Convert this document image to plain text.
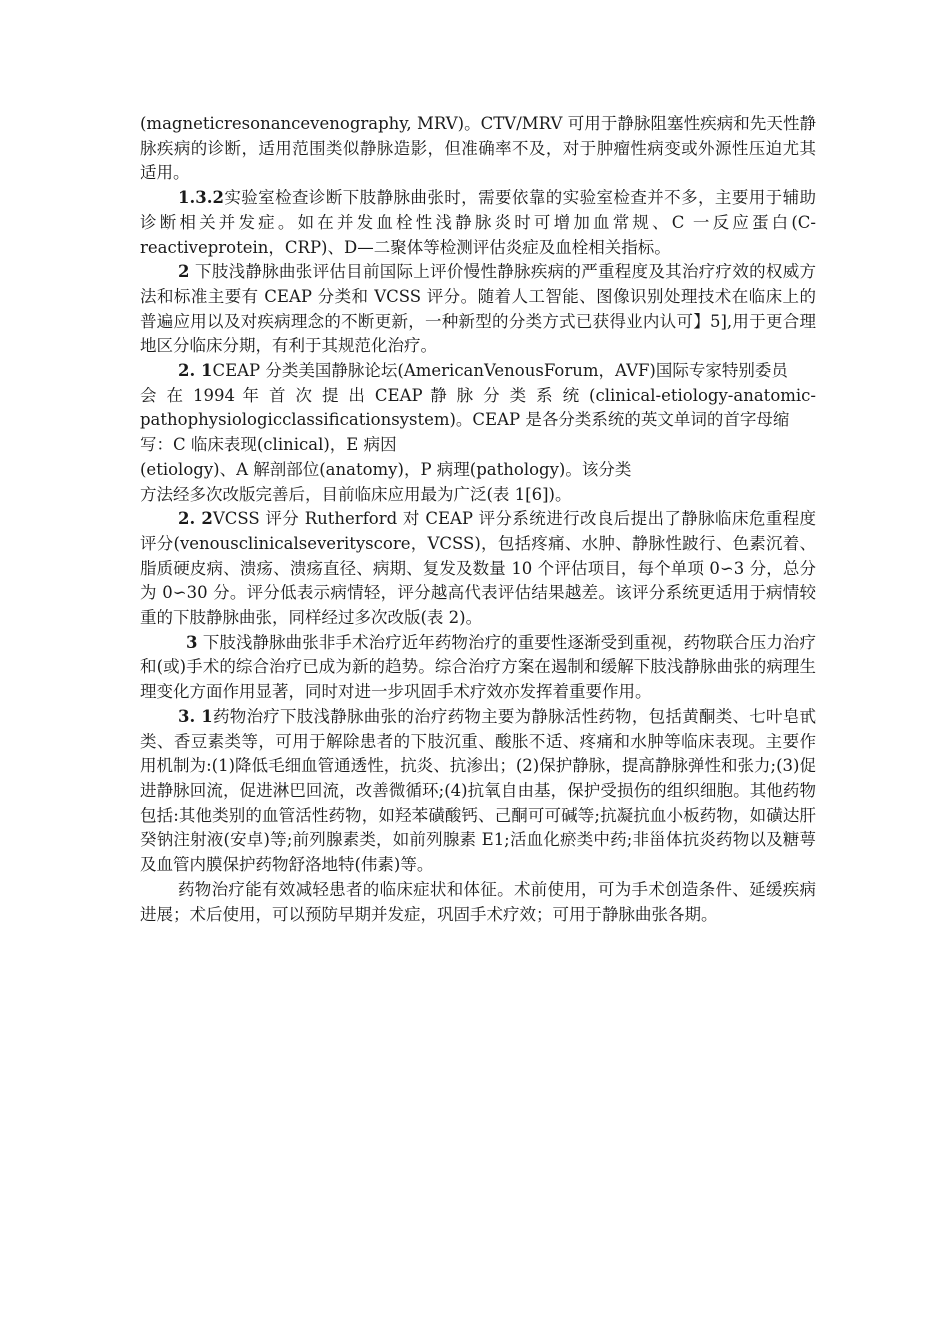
(magneticresonancevenography, MRV)。CTV/MRV 可用于静脉阻塞性疾病和先天性静脉疾病的诊断，适用范围类似静脉造影，但准确率不及，对于肿瘤性病变或外源性压迫尤其适用。

1.3.2实验室检查诊断下肢静脉曲张时，需要依靠的实验室检查并不多，主要用于辅助诊断相关并发症。如在并发血栓性浅静脉炎时可增加血常规、C 一反应蛋白(C-reactiveprotein，CRP)、D—二聚体等检测评估炎症及血栓相关指标。

2 下肢浅静脉曲张评估目前国际上评价慢性静脉疾病的严重程度及其治疗疗效的权威方法和标准主要有 CEAP 分类和 VCSS 评分。随着人工智能、图像识别处理技术在临床上的普遍应用以及对疾病理念的不断更新，一种新型的分类方式已获得业内认可】5],用于更合理地区分临床分期，有利于其规范化治疗。

2. 1CEAP 分类美国静脉论坛(AmericanVenousForum，AVF)国际专家特别委员
会 在 1994 年 首 次 提 出 CEAP 静 脉 分 类 系 统 (clinical-etiology-anatomic-
pathophysiologicclassificationsystem)。CEAP 是各分类系统的英文单词的首字母缩
写：C 临床表现(clinical)，E 病因
(etiology)、A 解剖部位(anatomy)，P 病理(pathology)。该分类
方法经多次改版完善后，目前临床应用最为广泛(表 1[6])。

2. 2VCSS 评分 Rutherford 对 CEAP 评分系统进行改良后提出了静脉临床危重程度评分(venousclinicalseverityscore，VCSS)，包括疼痛、水肿、静脉性跛行、色素沉着、脂质硬皮病、溃疡、溃疡直径、病期、复发及数量 10 个评估项目，每个单项 0∽3 分，总分为 0∽30 分。评分低表示病情轻，评分越高代表评估结果越差。该评分系统更适用于病情较重的下肢静脉曲张，同样经过多次改版(表 2)。

3 下肢浅静脉曲张非手术治疗近年药物治疗的重要性逐渐受到重视，药物联合压力治疗和(或)手术的综合治疗已成为新的趋势。综合治疗方案在遏制和缓解下肢浅静脉曲张的病理生理变化方面作用显著，同时对进一步巩固手术疗效亦发挥着重要作用。

3. 1药物治疗下肢浅静脉曲张的治疗药物主要为静脉活性药物，包括黄酮类、七叶皂甙类、香豆素类等，可用于解除患者的下肢沉重、酸胀不适、疼痛和水肿等临床表现。主要作用机制为:(1)降低毛细血管通透性，抗炎、抗渗出；(2)保护静脉，提高静脉弹性和张力;(3)促进静脉回流，促进淋巴回流，改善微循环;(4)抗氧自由基，保护受损伤的组织细胞。其他药物包括:其他类别的血管活性药物，如羟苯磺酸钙、己酮可可碱等;抗凝抗血小板药物，如磺达肝癸钠注射液(安卓)等;前列腺素类，如前列腺素 E1;活血化瘀类中药;非甾体抗炎药物以及糖萼及血管内膜保护药物舒洛地特(伟素)等。

药物治疗能有效减轻患者的临床症状和体征。术前使用，可为手术创造条件、延缓疾病进展；术后使用，可以预防早期并发症，巩固手术疗效；可用于静脉曲张各期。
